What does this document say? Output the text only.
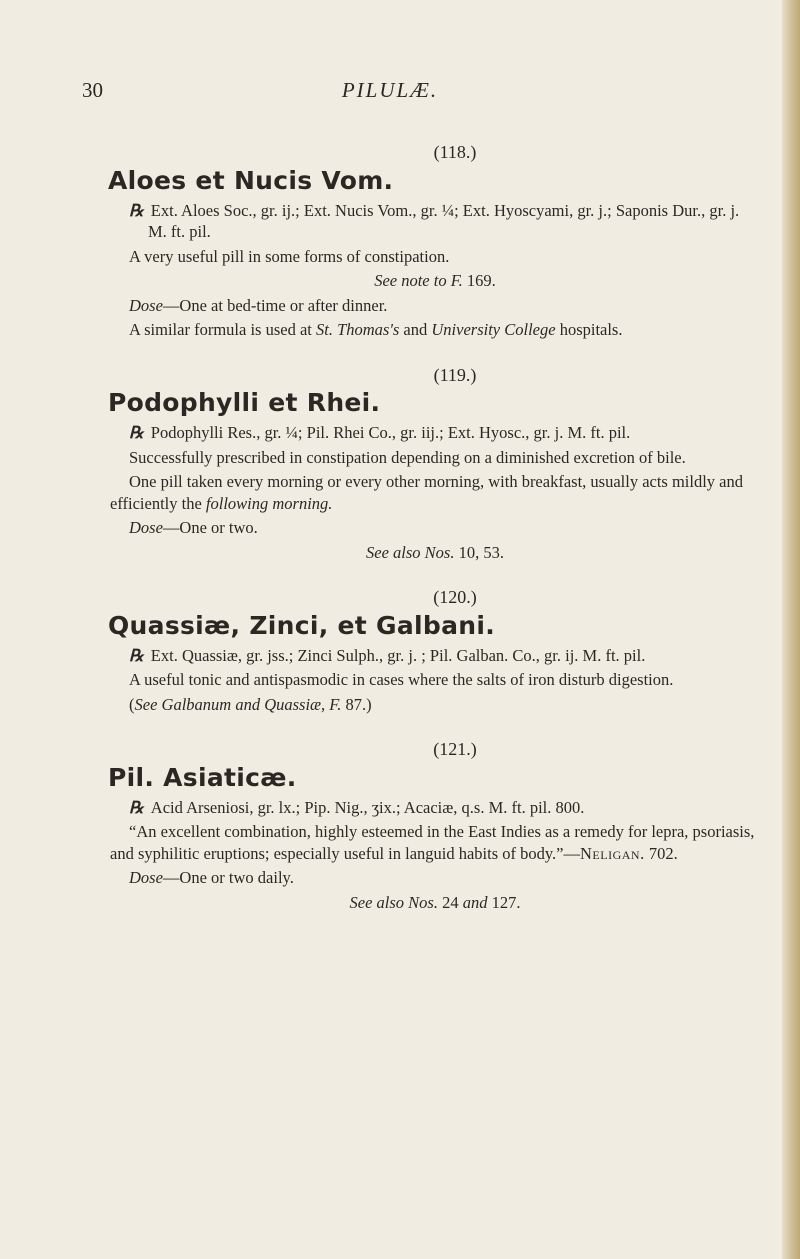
30	PILULÆ.

(118.)

Aloes et Nucis Vom.

℞ Ext. Aloes Soc., gr. ij.; Ext. Nucis Vom., gr. ¼; Ext. Hyoscyami, gr. j.; Saponis Dur., gr. j. M. ft. pil.

A very useful pill in some forms of constipation.

See note to F. 169.

Dose—One at bed-time or after dinner.

A similar formula is used at St. Thomas's and University College hospitals.

(119.)

Podophylli et Rhei.

℞ Podophylli Res., gr. ¼; Pil. Rhei Co., gr. iij.; Ext. Hyosc., gr. j. M. ft. pil.

Successfully prescribed in constipation depending on a diminished excretion of bile.

One pill taken every morning or every other morning, with breakfast, usually acts mildly and efficiently the following morning.

Dose—One or two.

See also Nos. 10, 53.

(120.)

Quassiæ, Zinci, et Galbani.

℞ Ext. Quassiæ, gr. jss.; Zinci Sulph., gr. j. ; Pil. Galban. Co., gr. ij. M. ft. pil.

A useful tonic and antispasmodic in cases where the salts of iron disturb digestion.

(See Galbanum and Quassiæ, F. 87.)

(121.)

Pil. Asiaticæ.

℞ Acid Arseniosi, gr. lx.; Pip. Nig., ʒix.; Acaciæ, q.s. M. ft. pil. 800.

“An excellent combination, highly esteemed in the East Indies as a remedy for lepra, psoriasis, and syphilitic eruptions; especially useful in languid habits of body.”—Neligan. 702.

Dose—One or two daily.

See also Nos. 24 and 127.
